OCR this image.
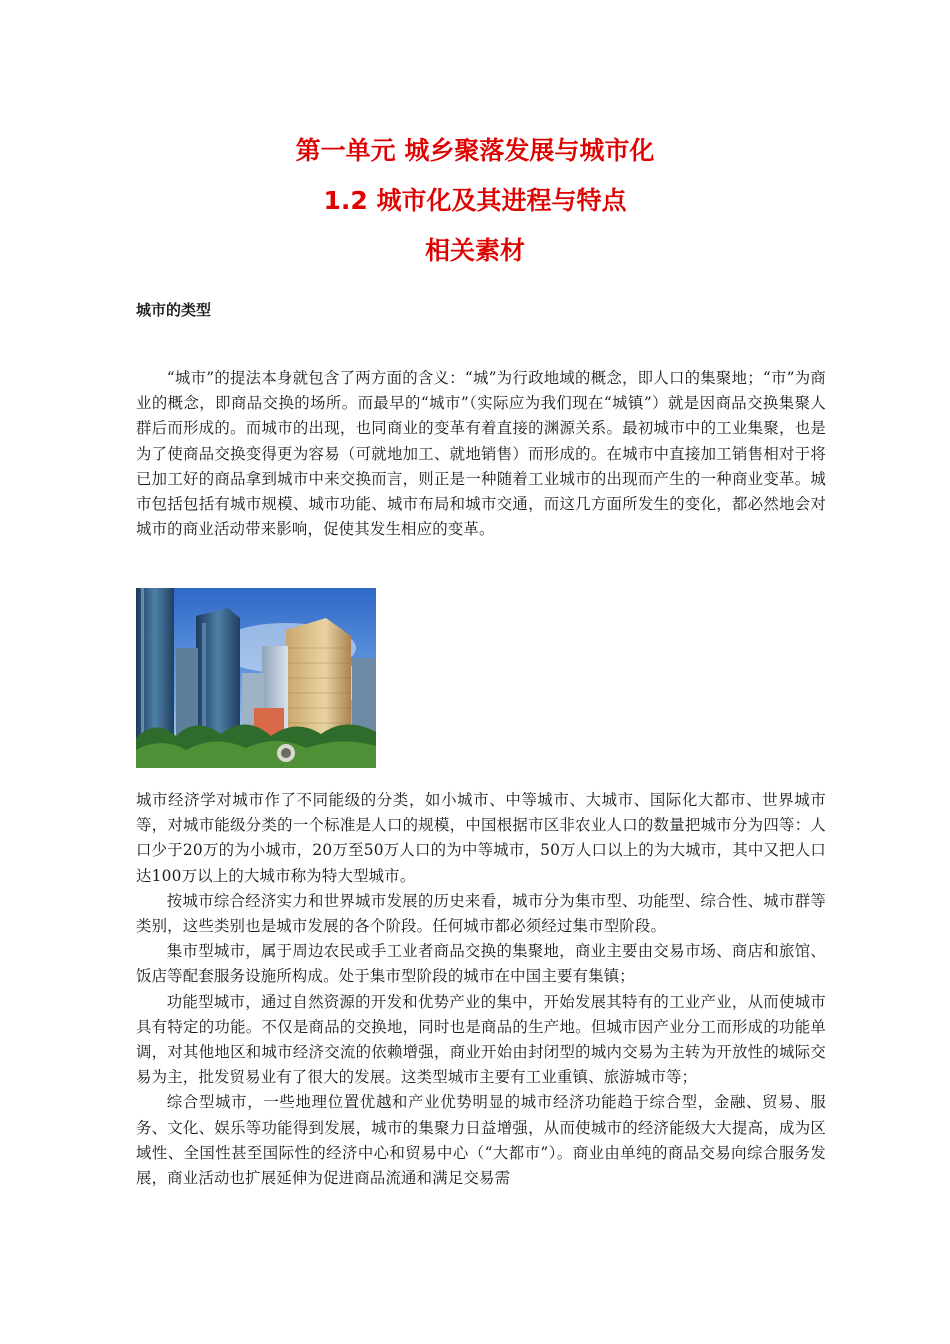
第一单元 城乡聚落发展与城市化
1.2 城市化及其进程与特点
相关素材
城市的类型

“城市”的提法本身就包含了两方面的含义：“城”为行政地域的概念，即人口的集聚地；“市”为商业的概念，即商品交换的场所。而最早的“城市”（实际应为我们现在“城镇”）就是因商品交换集聚人群后而形成的。而城市的出现，也同商业的变革有着直接的渊源关系。最初城市中的工业集聚，也是为了使商品交换变得更为容易（可就地加工、就地销售）而形成的。在城市中直接加工销售相对于将已加工好的商品拿到城市中来交换而言，则正是一种随着工业城市的出现而产生的一种商业变革。城市包括包括有城市规模、城市功能、城市布局和城市交通，而这几方面所发生的变化，都必然地会对城市的商业活动带来影响，促使其发生相应的变革。

城市经济学对城市作了不同能级的分类，如小城市、中等城市、大城市、国际化大都市、世界城市等，对城市能级分类的一个标准是人口的规模，中国根据市区非农业人口的数量把城市分为四等：人口少于20万的为小城市，20万至50万人口的为中等城市，50万人口以上的为大城市，其中又把人口达100万以上的大城市称为特大型城市。

按城市综合经济实力和世界城市发展的历史来看，城市分为集市型、功能型、综合性、城市群等类别，这些类别也是城市发展的各个阶段。任何城市都必须经过集市型阶段。

集市型城市，属于周边农民或手工业者商品交换的集聚地，商业主要由交易市场、商店和旅馆、饭店等配套服务设施所构成。处于集市型阶段的城市在中国主要有集镇；

功能型城市，通过自然资源的开发和优势产业的集中，开始发展其特有的工业产业，从而使城市具有特定的功能。不仅是商品的交换地，同时也是商品的生产地。但城市因产业分工而形成的功能单调，对其他地区和城市经济交流的依赖增强，商业开始由封闭型的城内交易为主转为开放性的城际交易为主，批发贸易业有了很大的发展。这类型城市主要有工业重镇、旅游城市等；

综合型城市，一些地理位置优越和产业优势明显的城市经济功能趋于综合型，金融、贸易、服务、文化、娱乐等功能得到发展，城市的集聚力日益增强，从而使城市的经济能级大大提高，成为区域性、全国性甚至国际性的经济中心和贸易中心（“大都市”）。商业由单纯的商品交易向综合服务发展，商业活动也扩展延伸为促进商品流通和满足交易需
